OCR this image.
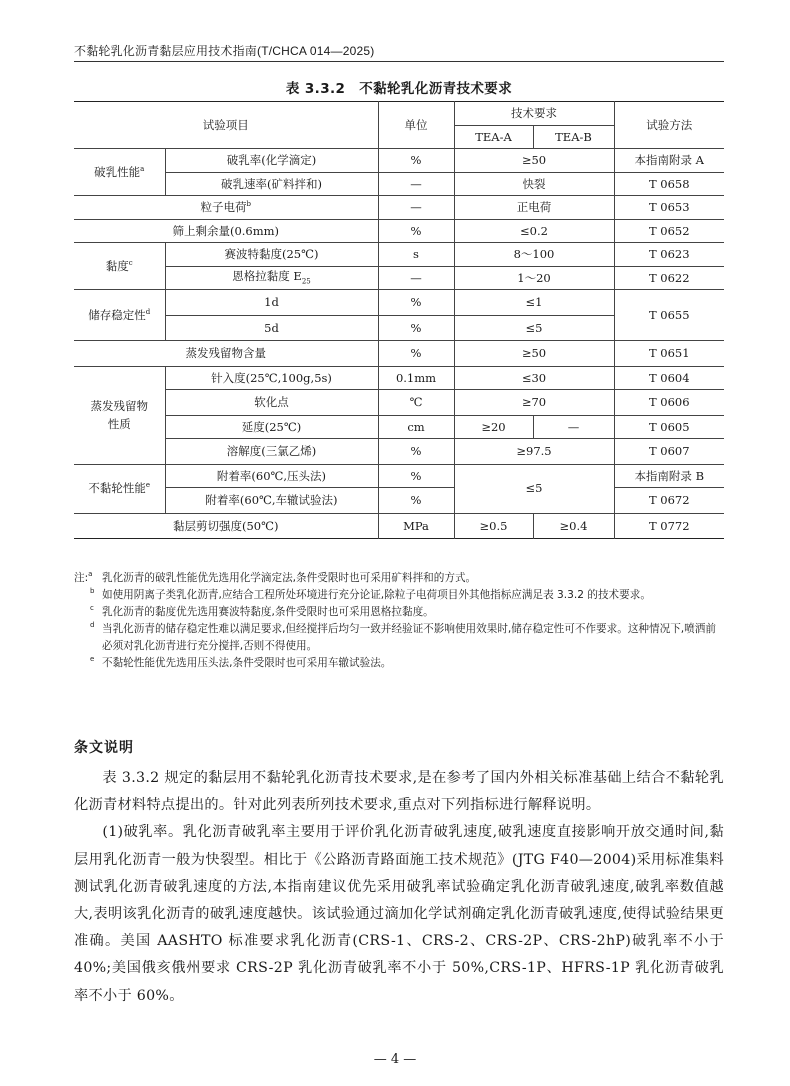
不黏轮乳化沥青黏层应用技术指南(T/CHCA 014—2025)
表 3.3.2　不黏轮乳化沥青技术要求
试验项目		单位	技术要求		试验方法
			TEA-A	TEA-B	
破乳性能$^a$	破乳率(化学滴定)	%	≥50		本指南附录 A
	破乳速率(矿料拌和)	—	快裂		T 0658
粒子电荷$^b$		—	正电荷		T 0653
筛上剩余量(0.6mm)		%	≤0.2		T 0652
黏度$^c$	赛波特黏度(25℃)	s	8～100		T 0623
	恩格拉黏度 $E_{25}$	—	1～20		T 0622
储存稳定性$^d$	1d	%	≤1		T 0655
	5d	%	≤5		
蒸发残留物含量		%	≥50		T 0651
蒸发残留物
性质	针入度(25℃,100g,5s)	0.1mm	≤30		T 0604
	软化点	℃	≥70		T 0606
	延度(25℃)	cm	≥20	—	T 0605
	溶解度(三氯乙烯)	%	≥97.5		T 0607
不黏轮性能$^e$	附着率(60℃,压头法)	%	≤5		本指南附录 B
	附着率(60℃,车辙试验法)	%			T 0672
黏层剪切强度(50℃)		MPa	≥0.5	≥0.4	T 0772
注:$^a$ 乳化沥青的破乳性能优先选用化学滴定法,条件受限时也可采用矿料拌和的方式。
$^b$ 如使用阴离子类乳化沥青,应结合工程所处环境进行充分论证,除粒子电荷项目外其他指标应满足表 3.3.2 的技术要求。
$^c$ 乳化沥青的黏度优先选用赛波特黏度,条件受限时也可采用恩格拉黏度。
$^d$ 当乳化沥青的储存稳定性难以满足要求,但经搅拌后均匀一致并经验证不影响使用效果时,储存稳定性可不作要求。这种情况下,喷洒前必须对乳化沥青进行充分搅拌,否则不得使用。
$^e$ 不黏轮性能优先选用压头法,条件受限时也可采用车辙试验法。
条文说明

表 3.3.2 规定的黏层用不黏轮乳化沥青技术要求,是在参考了国内外相关标准基础上结合不黏轮乳化沥青材料特点提出的。针对此列表所列技术要求,重点对下列指标进行解释说明。

(1)破乳率。乳化沥青破乳率主要用于评价乳化沥青破乳速度,破乳速度直接影响开放交通时间,黏层用乳化沥青一般为快裂型。相比于《公路沥青路面施工技术规范》(JTG F40—2004)采用标准集料测试乳化沥青破乳速度的方法,本指南建议优先采用破乳率试验确定乳化沥青破乳速度,破乳率数值越大,表明该乳化沥青的破乳速度越快。该试验通过滴加化学试剂确定乳化沥青破乳速度,使得试验结果更准确。美国 AASHTO 标准要求乳化沥青(CRS-1、CRS-2、CRS-2P、CRS-2hP)破乳率不小于 40%;美国俄亥俄州要求 CRS-2P 乳化沥青破乳率不小于 50%,CRS-1P、HFRS-1P 乳化沥青破乳率不小于 60%。

— 4 —
